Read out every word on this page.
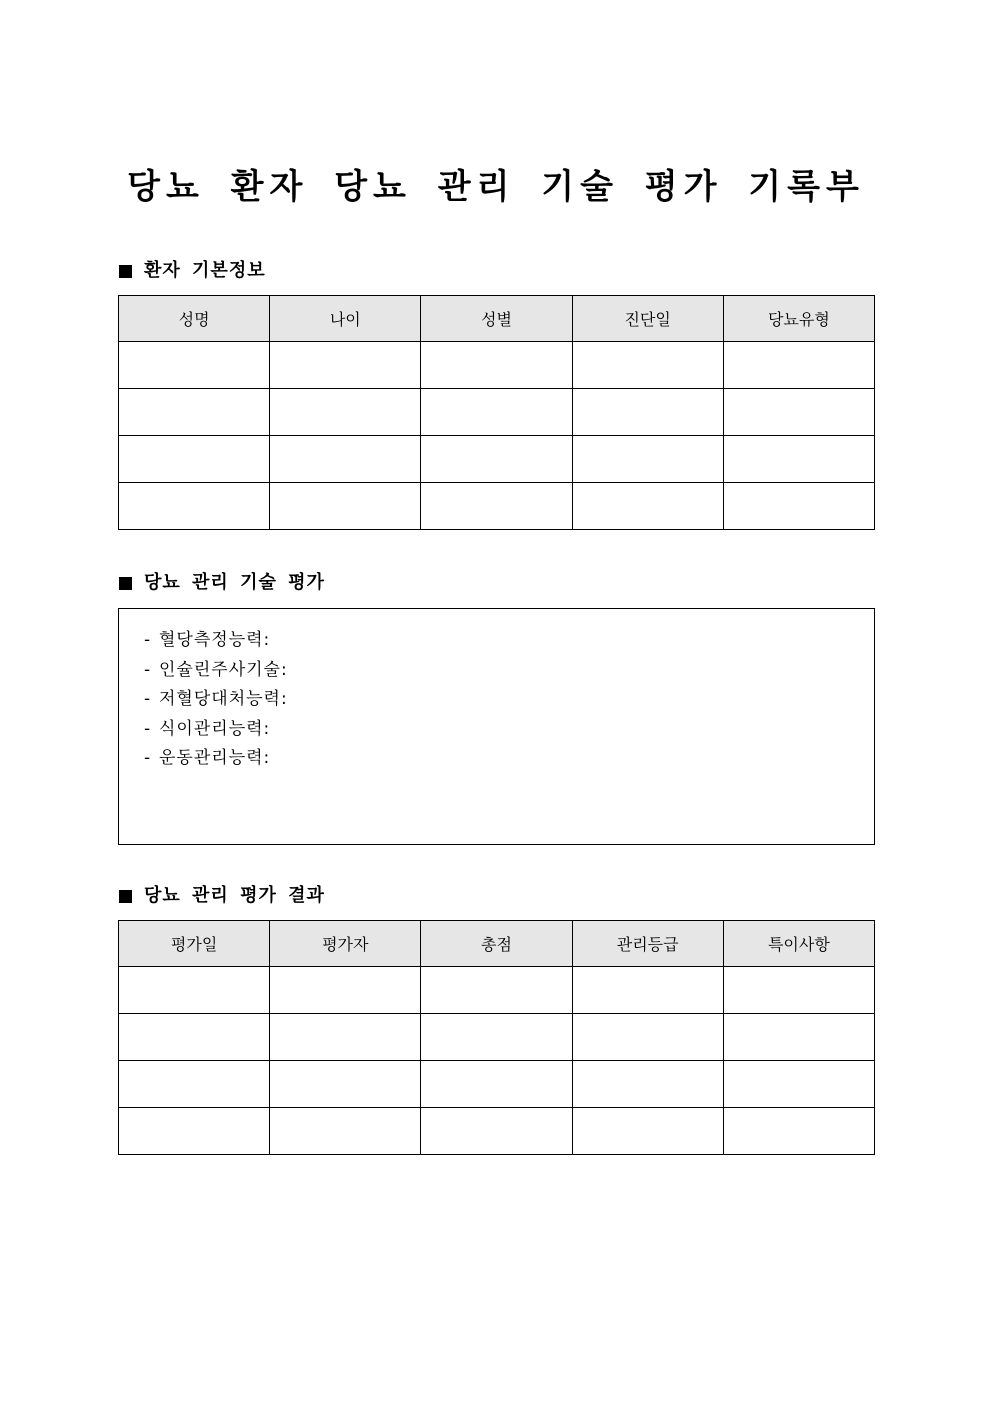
당뇨 환자 당뇨 관리 기술 평가 기록부
환자 기본정보
성명	나이	성별	진단일	당뇨유형

당뇨 관리 기술 평가
- 혈당측정능력:
- 인슐린주사기술:
- 저혈당대처능력:
- 식이관리능력:
- 운동관리능력:
당뇨 관리 평가 결과
평가일	평가자	총점	관리등급	특이사항
